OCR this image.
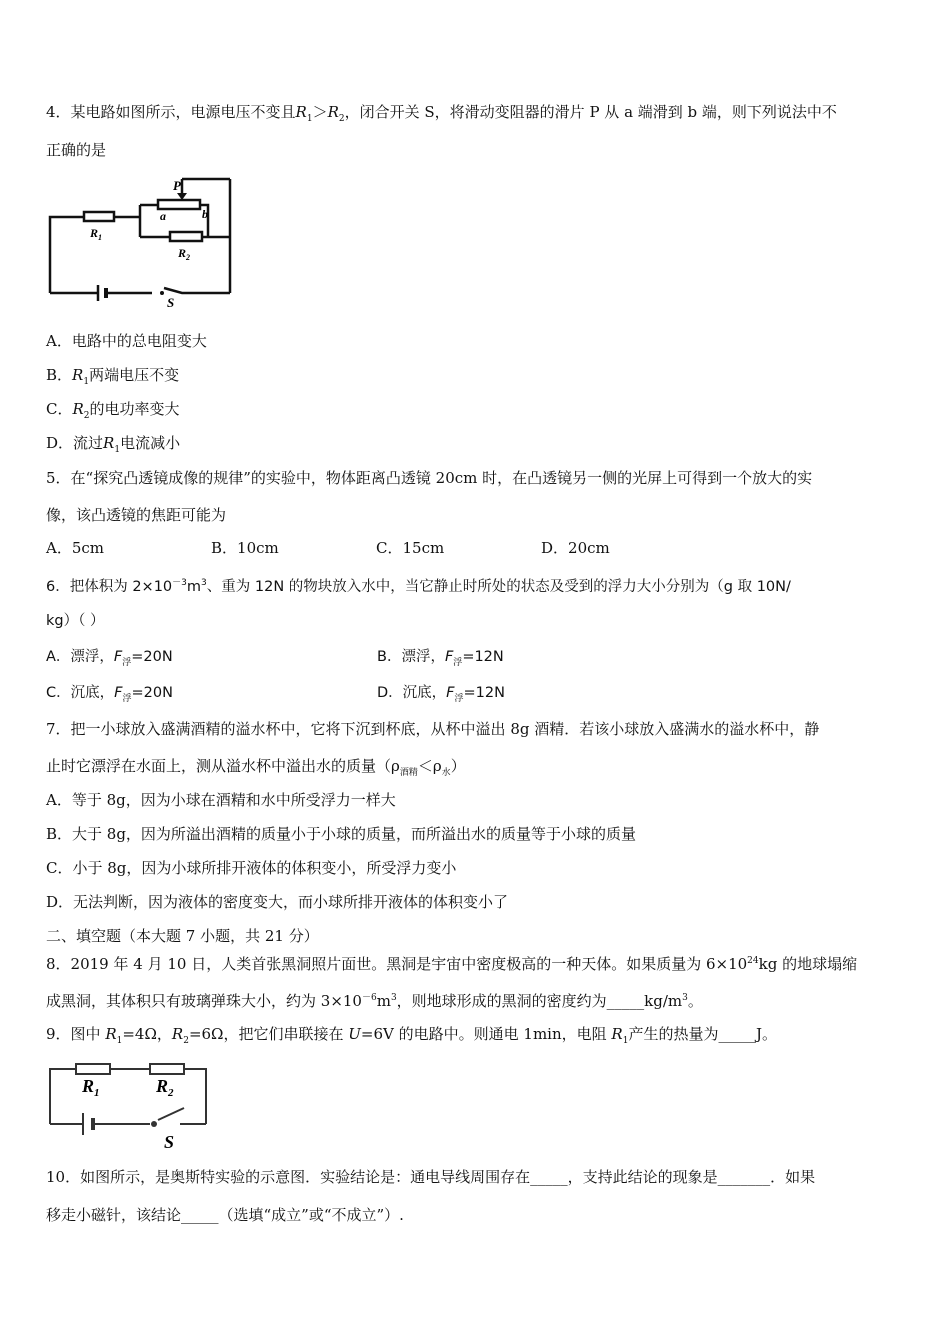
4．某电路如图所示，电源电压不变且$R_1>R_2$，闭合开关 S，将滑动变阻器的滑片 P 从 a 端滑到 b 端，则下列说法中不
正确的是
P
a	b
$R_1$
$R_2$
S
A．电路中的总电阻变大
B．$R_1$两端电压不变
C．$R_2$的电功率变大
D．流过$R_1$电流减小
5．在“探究凸透镜成像的规律”的实验中，物体距离凸透镜 20cm 时，在凸透镜另一侧的光屏上可得到一个放大的实
像，该凸透镜的焦距可能为
A．5cm	B．10cm	C．15cm	D．20cm
6．把体积为 $2\times 10^{-3}m^3$、重为 12N 的物块放入水中，当它静止时所处的状态及受到的浮力大小分别为（g 取 10N/
kg）（ ）
A．漂浮，$F_浮=20N$	B．漂浮，$F_浮=12N$
C．沉底，$F_浮=20N$	D．沉底，$F_浮=12N$
7．把一小球放入盛满酒精的溢水杯中，它将下沉到杯底，从杯中溢出 8g 酒精．若该小球放入盛满水的溢水杯中，静
止时它漂浮在水面上，测从溢水杯中溢出水的质量$(\rho_{酒精}<\rho_水)$
A．等于 8g，因为小球在酒精和水中所受浮力一样大
B．大于 8g，因为所溢出酒精的质量小于小球的质量，而所溢出水的质量等于小球的质量
C．小于 8g，因为小球所排开液体的体积变小，所受浮力变小
D．无法判断，因为液体的密度变大，而小球所排开液体的体积变小了
二、填空题（本大题 7 小题，共 21 分）
8．2019 年 4 月 10 日，人类首张黑洞照片面世。黑洞是宇宙中密度极高的一种天体。如果质量为 $6\times 10^{24}kg$ 的地球塌缩
成黑洞，其体积只有玻璃弹珠大小，约为 $3\times 10^{-6}m^3$，则地球形成的黑洞的密度约为$\_\_\_\_\_kg/m^3$。
9．图中 $R_1=4\Omega$，$R_2=6\Omega$，把它们串联接在 U=6V 的电路中。则通电 1min，电阻 $R_1$产生的热量为_____J。
$R_1$	$R_2$
S
10．如图所示，是奥斯特实验的示意图．实验结论是：通电导线周围存在_____，支持此结论的现象是_______．如果
移走小磁针，该结论_____（选填“成立”或“不成立”）.
